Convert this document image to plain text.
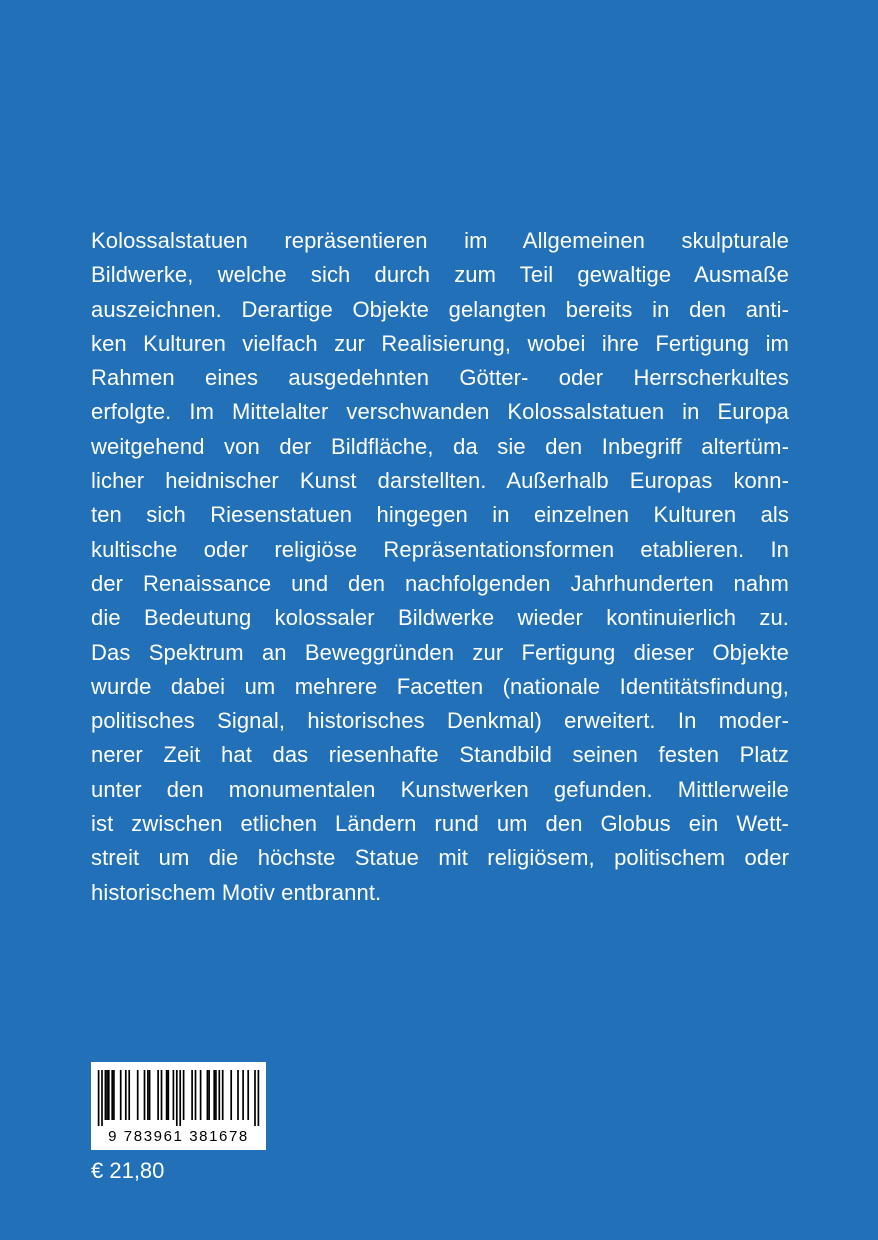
Kolossalstatuen repräsentieren im Allgemeinen skulpturale
Bildwerke, welche sich durch zum Teil gewaltige Ausmaße
auszeichnen. Derartige Objekte gelangten bereits in den anti-
ken Kulturen vielfach zur Realisierung, wobei ihre Fertigung im
Rahmen eines ausgedehnten Götter- oder Herrscherkultes
erfolgte. Im Mittelalter verschwanden Kolossalstatuen in Europa
weitgehend von der Bildfläche, da sie den Inbegriff altertüm-
licher heidnischer Kunst darstellten. Außerhalb Europas konn-
ten sich Riesenstatuen hingegen in einzelnen Kulturen als
kultische oder religiöse Repräsentationsformen etablieren. In
der Renaissance und den nachfolgenden Jahrhunderten nahm
die Bedeutung kolossaler Bildwerke wieder kontinuierlich zu.
Das Spektrum an Beweggründen zur Fertigung dieser Objekte
wurde dabei um mehrere Facetten (nationale Identitätsfindung,
politisches Signal, historisches Denkmal) erweitert. In moder-
nerer Zeit hat das riesenhafte Standbild seinen festen Platz
unter den monumentalen Kunstwerken gefunden. Mittlerweile
ist zwischen etlichen Ländern rund um den Globus ein Wett-
streit um die höchste Statue mit religiösem, politischem oder
historischem Motiv entbrannt.
9 783961 381678
€ 21,80
